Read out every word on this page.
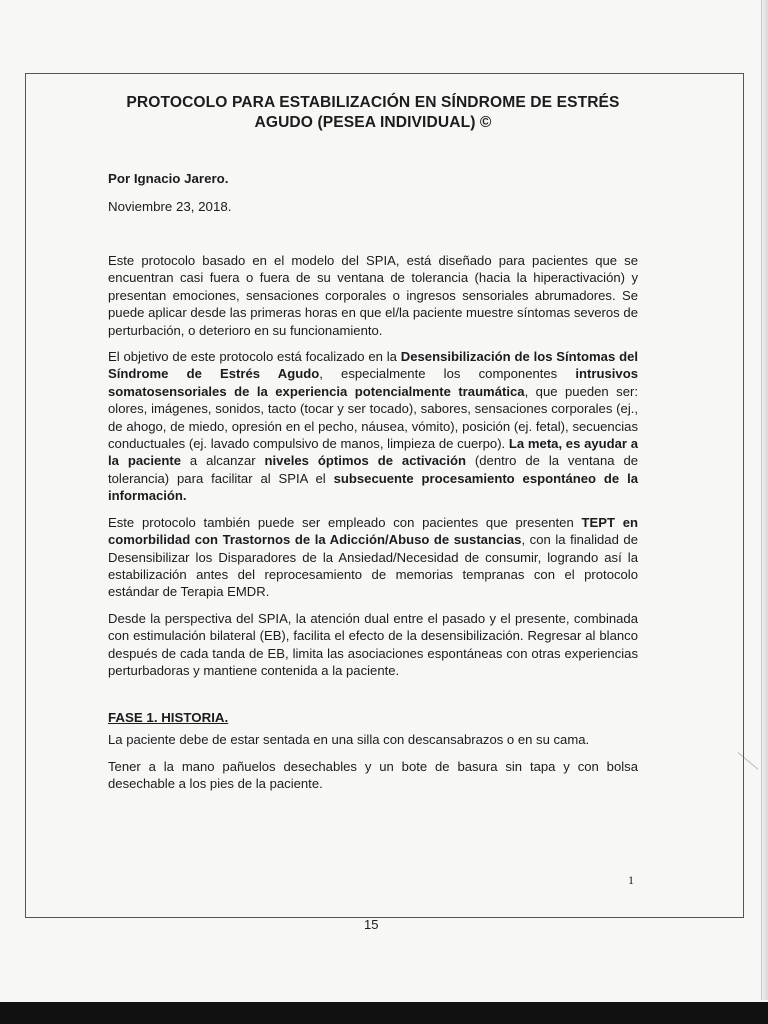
PROTOCOLO PARA ESTABILIZACIÓN EN SÍNDROME DE ESTRÉS
AGUDO (PESEA INDIVIDUAL) ©

Por Ignacio Jarero.

Noviembre 23, 2018.

Este protocolo basado en el modelo del SPIA, está diseñado para pacientes que se encuentran casi fuera o fuera de su ventana de tolerancia (hacia la hiperactivación) y presentan emociones, sensaciones corporales o ingresos sensoriales abrumadores. Se puede aplicar desde las primeras horas en que el/la paciente muestre síntomas severos de perturbación, o deterioro en su funcionamiento.

El objetivo de este protocolo está focalizado en la Desensibilización de los Síntomas del Síndrome de Estrés Agudo, especialmente los componentes intrusivos somatosensoriales de la experiencia potencialmente traumática, que pueden ser: olores, imágenes, sonidos, tacto (tocar y ser tocado), sabores, sensaciones corporales (ej., de ahogo, de miedo, opresión en el pecho, náusea, vómito), posición (ej. fetal), secuencias conductuales (ej. lavado compulsivo de manos, limpieza de cuerpo). La meta, es ayudar a la paciente a alcanzar niveles óptimos de activación (dentro de la ventana de tolerancia) para facilitar al SPIA el subsecuente procesamiento espontáneo de la información.

Este protocolo también puede ser empleado con pacientes que presenten TEPT en comorbilidad con Trastornos de la Adicción/Abuso de sustancias, con la finalidad de Desensibilizar los Disparadores de la Ansiedad/Necesidad de consumir, logrando así la estabilización antes del reprocesamiento de memorias tempranas con el protocolo estándar de Terapia EMDR.

Desde la perspectiva del SPIA, la atención dual entre el pasado y el presente, combinada con estimulación bilateral (EB), facilita el efecto de la desensibilización. Regresar al blanco después de cada tanda de EB, limita las asociaciones espontáneas con otras experiencias perturbadoras y mantiene contenida a la paciente.

FASE 1. HISTORIA.

La paciente debe de estar sentada en una silla con descansabrazos o en su cama.

Tener a la mano pañuelos desechables y un bote de basura sin tapa y con bolsa desechable a los pies de la paciente.

1
15
